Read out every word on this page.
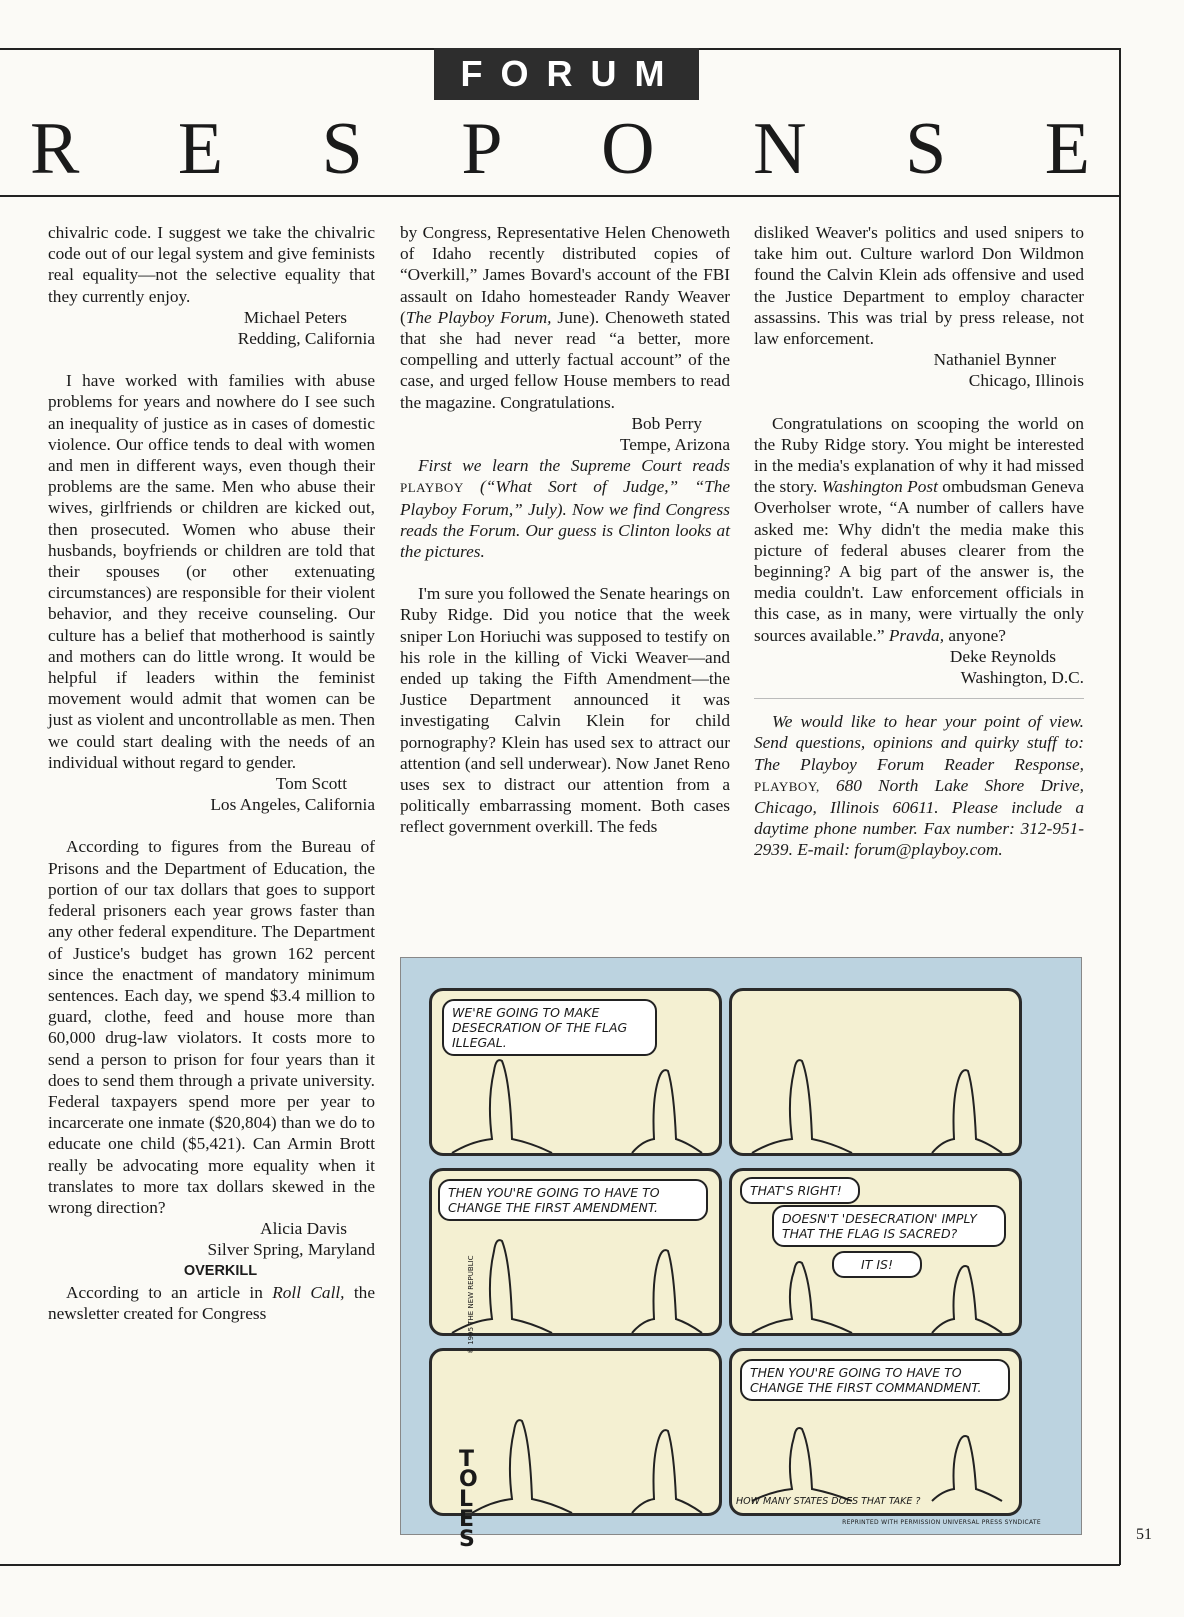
FORUM
R E S P O N S E

chivalric code. I suggest we take the chivalric code out of our legal system and give feminists real equality—not the selective equality that they currently enjoy.

Michael Peters
Redding, California

I have worked with families with abuse problems for years and nowhere do I see such an inequality of justice as in cases of domestic violence. Our office tends to deal with women and men in different ways, even though their problems are the same. Men who abuse their wives, girlfriends or children are kicked out, then prosecuted. Women who abuse their husbands, boyfriends or children are told that their spouses (or other extenuating circumstances) are responsible for their violent behavior, and they receive counseling. Our culture has a belief that motherhood is saintly and mothers can do little wrong. It would be helpful if leaders within the feminist movement would admit that women can be just as violent and uncontrollable as men. Then we could start dealing with the needs of an individual without regard to gender.

Tom Scott
Los Angeles, California

According to figures from the Bureau of Prisons and the Department of Education, the portion of our tax dollars that goes to support federal prisoners each year grows faster than any other federal expenditure. The Department of Justice's budget has grown 162 percent since the enactment of mandatory minimum sentences. Each day, we spend $3.4 million to guard, clothe, feed and house more than 60,000 drug-law violators. It costs more to send a person to prison for four years than it does to send them through a private university. Federal taxpayers spend more per year to incarcerate one inmate ($20,804) than we do to educate one child ($5,421). Can Armin Brott really be advocating more equality when it translates to more tax dollars skewed in the wrong direction?

Alicia Davis
Silver Spring, Maryland

OVERKILL

According to an article in Roll Call, the newsletter created for Congress

by Congress, Representative Helen Chenoweth of Idaho recently distributed copies of “Overkill,” James Bovard's account of the FBI assault on Idaho homesteader Randy Weaver (The Playboy Forum, June). Chenoweth stated that she had never read “a better, more compelling and utterly factual account” of the case, and urged fellow House members to read the magazine. Congratulations.

Bob Perry
Tempe, Arizona

First we learn the Supreme Court reads PLAYBOY (“What Sort of Judge,” “The Playboy Forum,” July). Now we find Congress reads the Forum. Our guess is Clinton looks at the pictures.

I'm sure you followed the Senate hearings on Ruby Ridge. Did you notice that the week sniper Lon Horiuchi was supposed to testify on his role in the killing of Vicki Weaver—and ended up taking the Fifth Amendment—the Justice Department announced it was investigating Calvin Klein for child pornography? Klein has used sex to attract our attention (and sell underwear). Now Janet Reno uses sex to distract our attention from a politically embarrassing moment. Both cases reflect government overkill. The feds

disliked Weaver's politics and used snipers to take him out. Culture warlord Don Wildmon found the Calvin Klein ads offensive and used the Justice Department to employ character assassins. This was trial by press release, not law enforcement.

Nathaniel Bynner
Chicago, Illinois

Congratulations on scooping the world on the Ruby Ridge story. You might be interested in the media's explanation of why it had missed the story. Washington Post ombudsman Geneva Overholser wrote, “A number of callers have asked me: Why didn't the media make this picture of federal abuses clearer from the beginning? A big part of the answer is, the media couldn't. Law enforcement officials in this case, as in many, were virtually the only sources available.” Pravda, anyone?

Deke Reynolds
Washington, D.C.

We would like to hear your point of view. Send questions, opinions and quirky stuff to: The Playboy Forum Reader Response, PLAYBOY, 680 North Lake Shore Drive, Chicago, Illinois 60611. Please include a daytime phone number. Fax number: 312-951-2939. E-mail: forum@playboy.com.

WE'RE GOING TO MAKE DESECRATION OF THE FLAG ILLEGAL.
THEN YOU'RE GOING TO HAVE TO CHANGE THE FIRST AMENDMENT.
THAT'S RIGHT!
DOESN'T 'DESECRATION' IMPLY THAT THE FLAG IS SACRED?
IT IS!
THEN YOU'RE GOING TO HAVE TO CHANGE THE FIRST COMMANDMENT.
HOW MANY STATES DOES THAT TAKE ?
© 1995 THE NEW REPUBLIC
TOLES
REPRINTED WITH PERMISSION UNIVERSAL PRESS SYNDICATE
51
